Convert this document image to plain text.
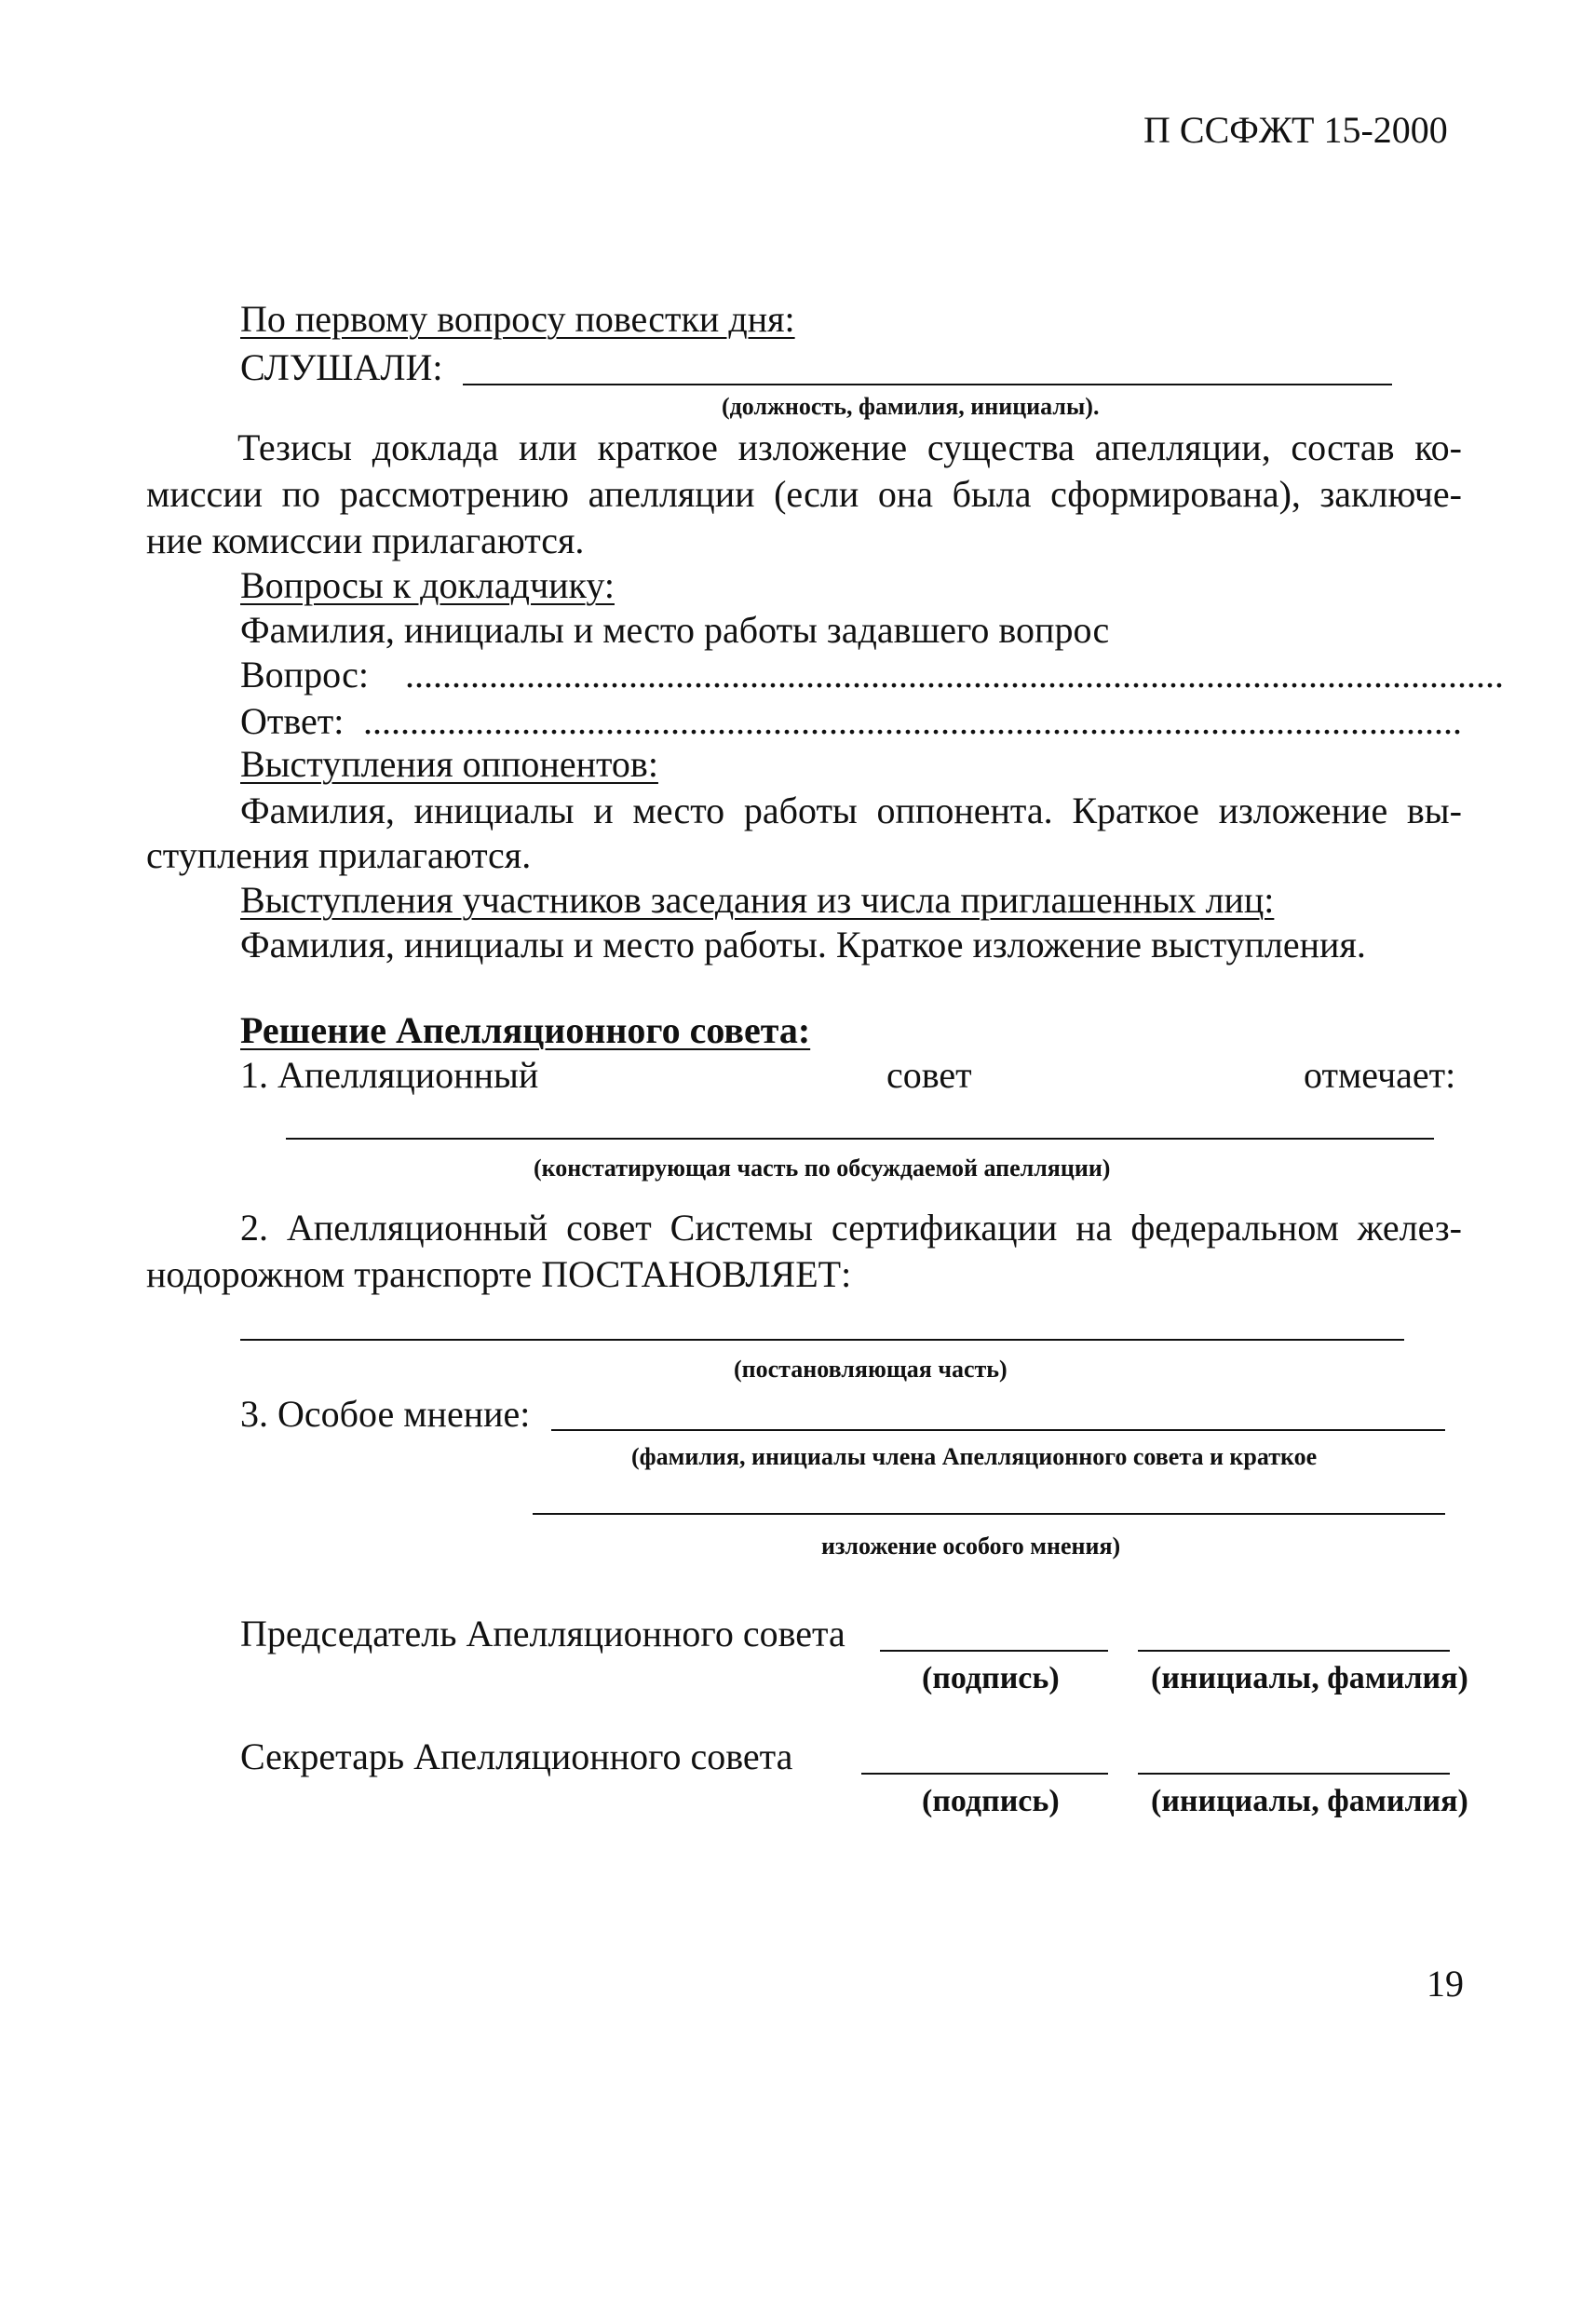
П ССФЖТ 15-2000
По первому вопросу повестки дня:
СЛУШАЛИ:
(должность, фамилия, инициалы).
Тезисы доклада или краткое изложение существа апелляции, состав ко-
миссии по рассмотрению апелляции (если она была сформирована), заключе-
ние комиссии прилагаются.
Вопросы к докладчику:
Фамилия, инициалы и место работы задавшего вопрос
Вопрос: ......................................................................................................................
Ответ: ......................................................................................................................
Выступления оппонентов:
Фамилия, инициалы и место работы оппонента. Краткое изложение вы-
ступления прилагаются.
Выступления участников заседания из числа приглашенных лиц:
Фамилия, инициалы и место работы. Краткое изложение выступления.
Решение Апелляционного совета:
1. Апелляционный	совет	отмечает:
(констатирующая часть по обсуждаемой апелляции)
2. Апелляционный совет Системы сертификации на федеральном желез-
нодорожном транспорте ПОСТАНОВЛЯЕТ:
(постановляющая часть)
3. Особое мнение:
(фамилия, инициалы члена Апелляционного совета и краткое
изложение особого мнения)
Председатель Апелляционного совета
(подпись)	(инициалы, фамилия)
Секретарь Апелляционного совета
(подпись)	(инициалы, фамилия)
19
